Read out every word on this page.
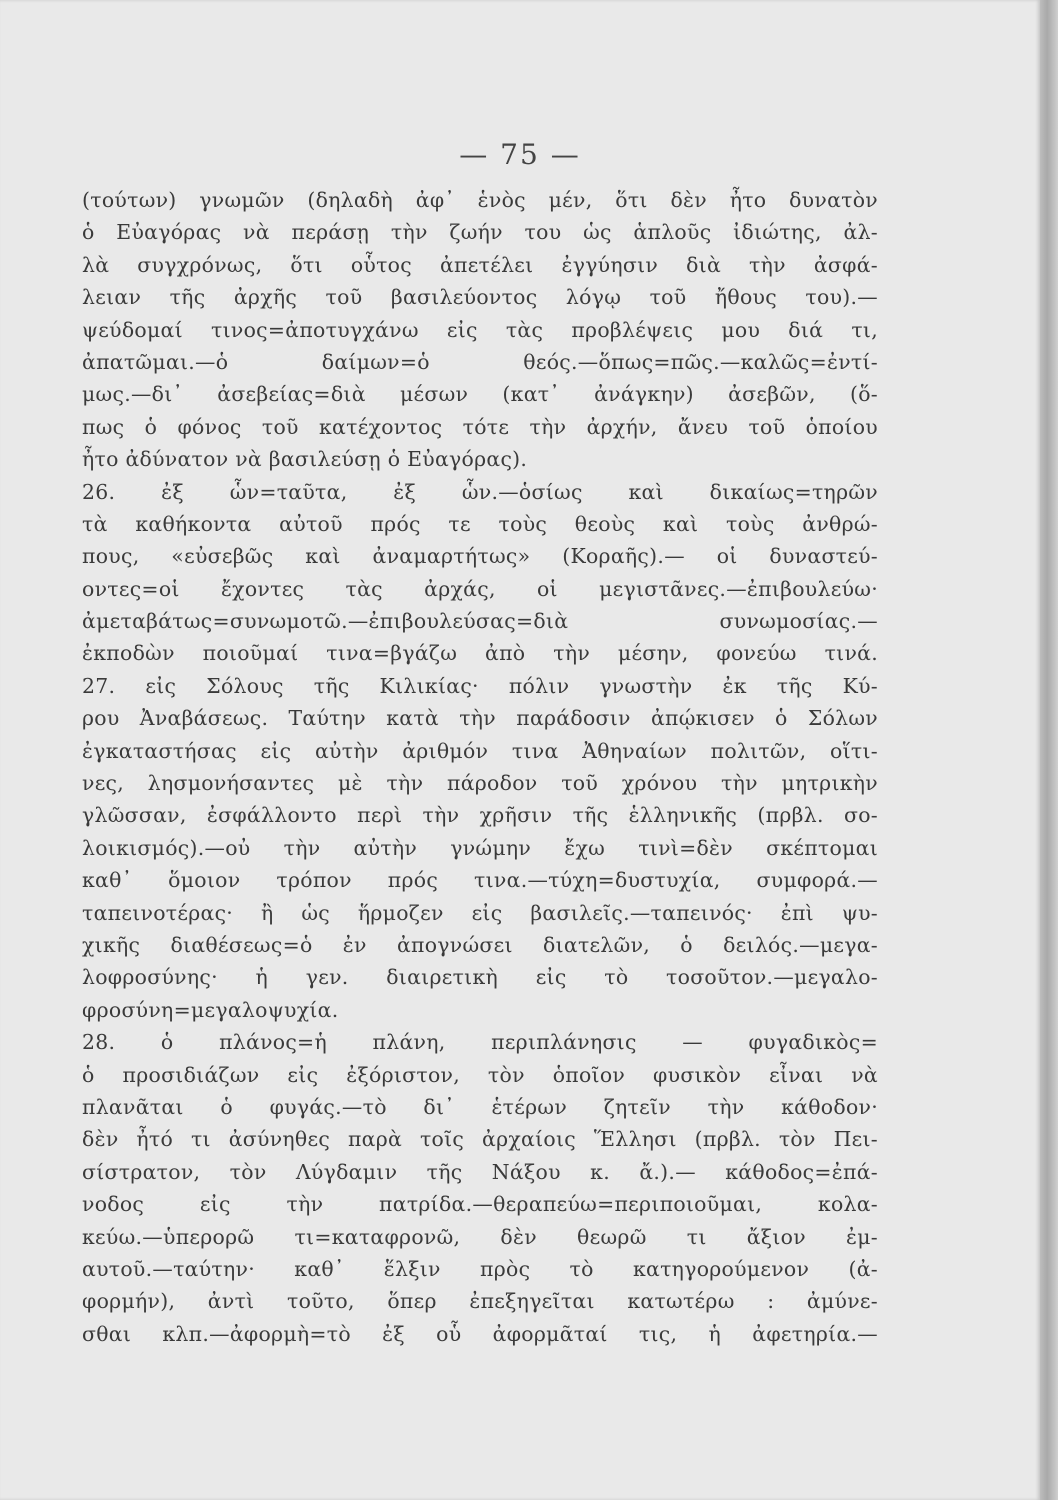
— 75 —
(τούτων) γνωμῶν (δηλαδὴ ἀφ᾽ ἑνὸς μέν, ὅτι δὲν ἦτο δυνατὸν
ὁ Εὐαγόρας νὰ περάσῃ τὴν ζωήν του ὡς ἁπλοῦς ἰδιώτης, ἀλ-
λὰ συγχρόνως, ὅτι οὗτος ἀπετέλει ἐγγύησιν διὰ τὴν ἀσφά-
λειαν τῆς ἀρχῆς τοῦ βασιλεύοντος λόγῳ τοῦ ἤθους του).—
ψεύδομαί τινος=ἀποτυγχάνω εἰς τὰς προβλέψεις μου διά τι,
ἀπατῶμαι.—ὁ δαίμων=ὁ θεός.—ὅπως=πῶς.—καλῶς=ἐντί-
μως.—δι᾽ ἀσεβείας=διὰ μέσων (κατ᾽ ἀνάγκην) ἀσεβῶν, (ὅ-
πως ὁ φόνος τοῦ κατέχοντος τότε τὴν ἀρχήν, ἄνευ τοῦ ὁποίου
ἦτο ἀδύνατον νὰ βασιλεύσῃ ὁ Εὐαγόρας).
26. ἐξ ὧν=ταῦτα, ἐξ ὧν.—ὁσίως καὶ δικαίως=τηρῶν
τὰ καθήκοντα αὐτοῦ πρός τε τοὺς θεοὺς καὶ τοὺς ἀνθρώ-
πους, «εὐσεβῶς καὶ ἀναμαρτήτως» (Κοραῆς).— οἱ δυναστεύ-
οντες=οἱ ἔχοντες τὰς ἀρχάς, οἱ μεγιστᾶνες.—ἐπιβουλεύω·
ἀμεταβάτως=συνωμοτῶ.—ἐπιβουλεύσας=διὰ συνωμοσίας.—
ἐκποδὼν ποιοῦμαί τινα=βγάζω ἀπὸ τὴν μέσην, φονεύω τινά.
27. εἰς Σόλους τῆς Κιλικίας· πόλιν γνωστὴν ἐκ τῆς Κύ-
ρου Ἀναβάσεως. Ταύτην κατὰ τὴν παράδοσιν ἀπῴκισεν ὁ Σόλων
ἐγκαταστήσας εἰς αὐτὴν ἀριθμόν τινα Ἀθηναίων πολιτῶν, οἵτι-
νες, λησμονήσαντες μὲ τὴν πάροδον τοῦ χρόνου τὴν μητρικὴν
γλῶσσαν, ἐσφάλλοντο περὶ τὴν χρῆσιν τῆς ἑλληνικῆς (πρβλ. σο-
λοικισμός).—οὐ τὴν αὐτὴν γνώμην ἔχω τινὶ=δὲν σκέπτομαι
καθ᾽ ὅμοιον τρόπον πρός τινα.—τύχη=δυστυχία, συμφορά.—
ταπεινοτέρας· ἢ ὡς ἥρμοζεν εἰς βασιλεῖς.—ταπεινός· ἐπὶ ψυ-
χικῆς διαθέσεως=ὁ ἐν ἀπογνώσει διατελῶν, ὁ δειλός.—μεγα-
λοφροσύνης· ἡ γεν. διαιρετικὴ εἰς τὸ τοσοῦτον.—μεγαλο-
φροσύνη=μεγαλοψυχία.
28. ὁ πλάνος=ἡ πλάνη, περιπλάνησις — φυγαδικὸς=
ὁ προσιδιάζων εἰς ἐξόριστον, τὸν ὁποῖον φυσικὸν εἶναι νὰ
πλανᾶται ὁ φυγάς.—τὸ δι᾽ ἑτέρων ζητεῖν τὴν κάθοδον·
δὲν ἦτό τι ἀσύνηθες παρὰ τοῖς ἀρχαίοις Ἕλλησι (πρβλ. τὸν Πει-
σίστρατον, τὸν Λύγδαμιν τῆς Νάξου κ. ἄ.).— κάθοδος=ἐπά-
νοδος εἰς τὴν πατρίδα.—θεραπεύω=περιποιοῦμαι, κολα-
κεύω.—ὑπερορῶ τι=καταφρονῶ, δὲν θεωρῶ τι ἄξιον ἐμ-
αυτοῦ.—ταύτην· καθ᾽ ἕλξιν πρὸς τὸ κατηγορούμενον (ἀ-
φορμήν), ἀντὶ τοῦτο, ὅπερ ἐπεξηγεῖται κατωτέρω : ἀμύνε-
σθαι κλπ.—ἀφορμὴ=τὸ ἐξ οὗ ἀφορμᾶταί τις, ἡ ἀφετηρία.—
